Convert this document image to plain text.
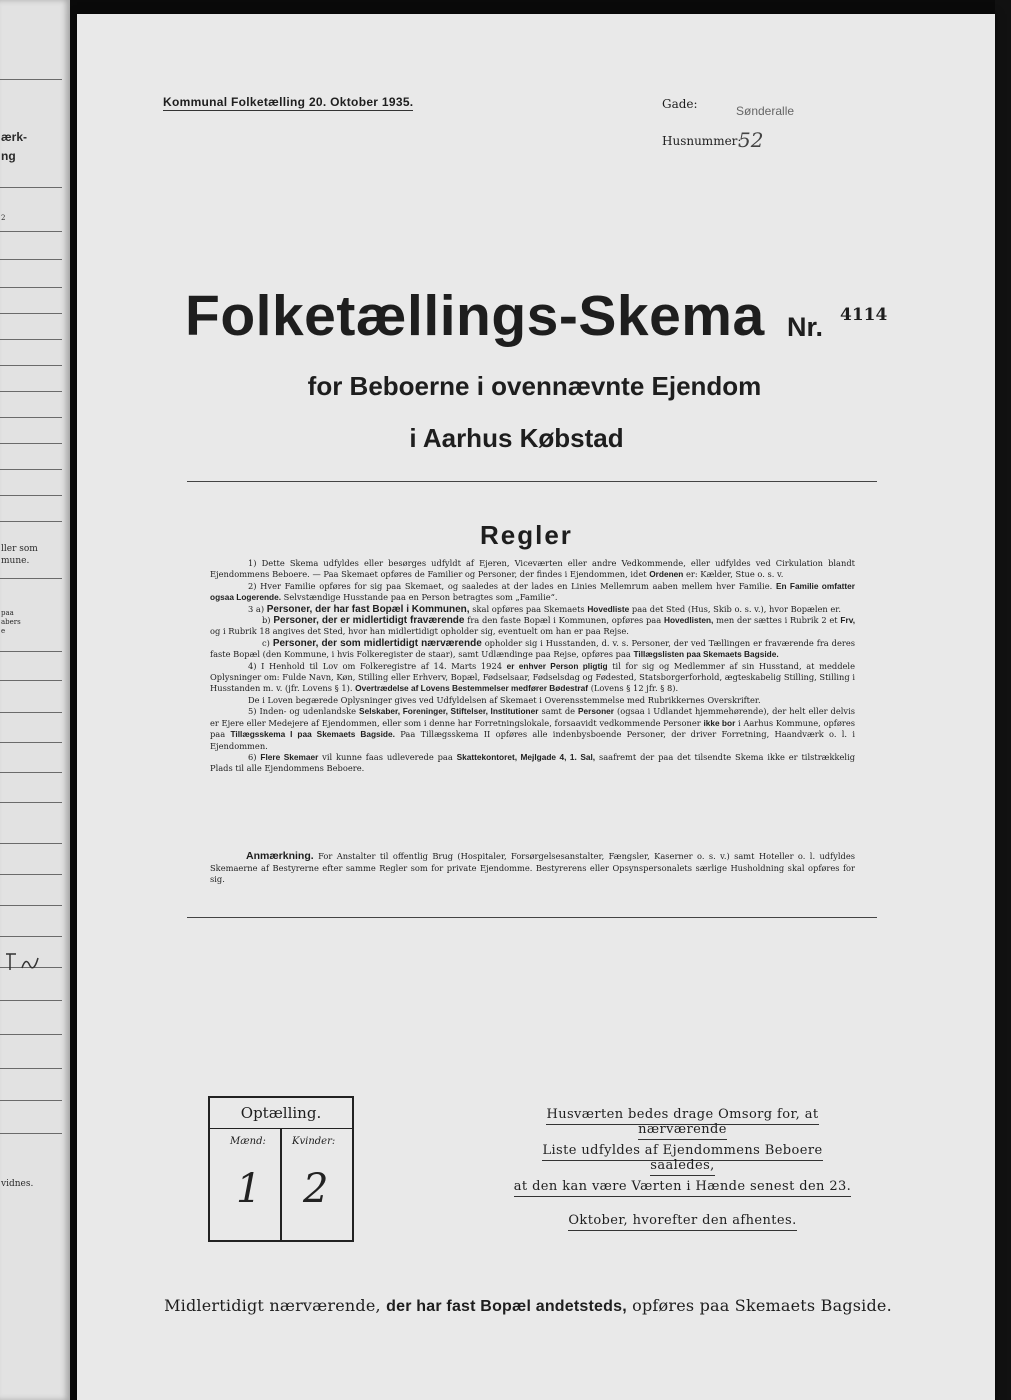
ærk-
ng
2
ller som
mune.
paa
abers
e
vidnes.
Kommunal Folketælling 20. Oktober 1935.	Gade:	Sønderalle
Husnummer:
52
Folketællings-Skema Nr. 4114
for Beboerne i ovennævnte Ejendom
i Aarhus Købstad
Regler

1) Dette Skema udfyldes eller besørges udfyldt af Ejeren, Viceværten eller andre Vedkommende, eller udfyldes ved Cirkulation blandt Ejendommens Beboere. — Paa Skemaet opføres de Familier og Personer, der findes i Ejendommen, idet Ordenen er: Kælder, Stue o. s. v.

2) Hver Familie opføres for sig paa Skemaet, og saaledes at der lades en Linies Mellemrum aaben mellem hver Familie. En Familie omfatter ogsaa Logerende. Selvstændige Husstande paa en Person betragtes som „Familie“.

3 a) Personer, der har fast Bopæl i Kommunen, skal opføres paa Skemaets Hovedliste paa det Sted (Hus, Skib o. s. v.), hvor Bopælen er.

b) Personer, der er midlertidigt fraværende fra den faste Bopæl i Kommunen, opføres paa Hovedlisten, men der sættes i Rubrik 2 et Frv, og i Rubrik 18 angives det Sted, hvor han midlertidigt opholder sig, eventuelt om han er paa Rejse.

c) Personer, der som midlertidigt nærværende opholder sig i Husstanden, d. v. s. Personer, der ved Tællingen er fraværende fra deres faste Bopæl (den Kommune, i hvis Folkeregister de staar), samt Udlændinge paa Rejse, opføres paa Tillægslisten paa Skemaets Bagside.

4) I Henhold til Lov om Folkeregistre af 14. Marts 1924 er enhver Person pligtig til for sig og Medlemmer af sin Husstand, at meddele Oplysninger om: Fulde Navn, Køn, Stilling eller Erhverv, Bopæl, Fødselsaar, Fødselsdag og Fødested, Statsborgerforhold, ægteskabelig Stilling, Stilling i Husstanden m. v. (jfr. Lovens § 1). Overtrædelse af Lovens Bestemmelser medfører Bødestraf (Lovens § 12 jfr. § 8).

De i Loven begærede Oplysninger gives ved Udfyldelsen af Skemaet i Overensstemmelse med Rubrikkernes Overskrifter.

5) Inden- og udenlandske Selskaber, Foreninger, Stiftelser, Institutioner samt de Personer (ogsaa i Udlandet hjemmehørende), der helt eller delvis er Ejere eller Medejere af Ejendommen, eller som i denne har Forretningslokale, forsaavidt vedkommende Personer ikke bor i Aarhus Kommune, opføres paa Tillægsskema I paa Skemaets Bagside. Paa Tillægsskema II opføres alle indenbysboende Personer, der driver Forretning, Haandværk o. l. i Ejendommen.

6) Flere Skemaer vil kunne faas udleverede paa Skattekontoret, Mejlgade 4, 1. Sal, saafremt der paa det tilsendte Skema ikke er tilstrækkelig Plads til alle Ejendommens Beboere.

Anmærkning. For Anstalter til offentlig Brug (Hospitaler, Forsørgelsesanstalter, Fængsler, Kaserner o. s. v.) samt Hoteller o. l. udfyldes Skemaerne af Bestyrerne efter samme Regler som for private Ejendomme. Bestyrerens eller Opsynspersonalets særlige Husholdning skal opføres for sig.
Optælling.
Mænd:	Kvinder:
1 2
Husværten bedes drage Omsorg for, at nærværende
Liste udfyldes af Ejendommens Beboere saaledes,
at den kan være Værten i Hænde senest den 23.
Oktober, hvorefter den afhentes.
Midlertidigt nærværende, der har fast Bopæl andetsteds, opføres paa Skemaets Bagside.
